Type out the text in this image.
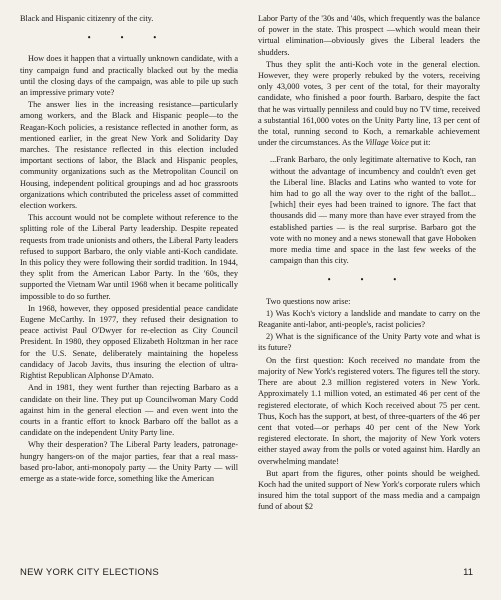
Black and Hispanic citizenry of the city.

• • •

How does it happen that a virtually unknown candidate, with a tiny campaign fund and practically blacked out by the media until the closing days of the campaign, was able to pile up such an impressive primary vote?

The answer lies in the increasing resistance—particularly among workers, and the Black and Hispanic people—to the Reagan-Koch policies, a resistance reflected in another form, as mentioned earlier, in the great New York and Solidarity Day marches. The resistance reflected in this election included important sections of labor, the Black and Hispanic peoples, community organizations such as the Metropolitan Council on Housing, independent political groupings and ad hoc grassroots organizations which contributed the priceless asset of committed election workers.

This account would not be complete without reference to the splitting role of the Liberal Party leadership. Despite repeated requests from trade unionists and others, the Liberal Party leaders refused to support Barbaro, the only viable anti-Koch candidate. In this policy they were following their sordid tradition. In 1944, they split from the American Labor Party. In the '60s, they supported the Vietnam War until 1968 when it became politically impossible to do so further.

In 1968, however, they opposed presidential peace candidate Eugene McCarthy. In 1977, they refused their designation to peace activist Paul O'Dwyer for re-election as City Council President. In 1980, they opposed Elizabeth Holtzman in her race for the U.S. Senate, deliberately maintaining the hopeless candidacy of Jacob Javits, thus insuring the election of ultra-Rightist Republican Alphonse D'Amato.

And in 1981, they went further than rejecting Barbaro as a candidate on their line. They put up Councilwoman Mary Codd against him in the general election — and even went into the courts in a frantic effort to knock Barbaro off the ballot as a candidate on the independent Unity Party line.

Why their desperation? The Liberal Party leaders, patronage-hungry hangers-on of the major parties, fear that a real mass-based pro-labor, anti-monopoly party — the Unity Party — will emerge as a state-wide force, something like the American

Labor Party of the '30s and '40s, which frequently was the balance of power in the state. This prospect —which would mean their virtual elimination—obviously gives the Liberal leaders the shudders.

Thus they split the anti-Koch vote in the general election. However, they were properly rebuked by the voters, receiving only 43,000 votes, 3 per cent of the total, for their mayoralty candidate, who finished a poor fourth. Barbaro, despite the fact that he was virtually penniless and could buy no TV time, received a substantial 161,000 votes on the Unity Party line, 13 per cent of the total, running second to Koch, a remarkable achievement under the circumstances. As the Village Voice put it:

...Frank Barbaro, the only legitimate alternative to Koch, ran without the advantage of incumbency and couldn't even get the Liberal line. Blacks and Latins who wanted to vote for him had to go all the way over to the right of the ballot...[which] their eyes had been trained to ignore. The fact that thousands did — many more than have ever strayed from the established parties — is the real surprise. Barbaro got the vote with no money and a news stonewall that gave Hoboken more media time and space in the last few weeks of the campaign than this city.

• • •

Two questions now arise:

1) Was Koch's victory a landslide and mandate to carry on the Reaganite anti-labor, anti-people's, racist policies?

2) What is the significance of the Unity Party vote and what is its future?

On the first question: Koch received no mandate from the majority of New York's registered voters. The figures tell the story. There are about 2.3 million registered voters in New York. Approximately 1.1 million voted, an estimated 46 per cent of the registered electorate, of which Koch received about 75 per cent. Thus, Koch has the support, at best, of three-quarters of the 46 per cent that voted—or perhaps 40 per cent of the New York registered electorate. In short, the majority of New York voters either stayed away from the polls or voted against him. Hardly an overwhelming mandate!

But apart from the figures, other points should be weighed. Koch had the united support of New York's corporate rulers which insured him the total support of the mass media and a campaign fund of about $2

NEW YORK CITY ELECTIONS	11
